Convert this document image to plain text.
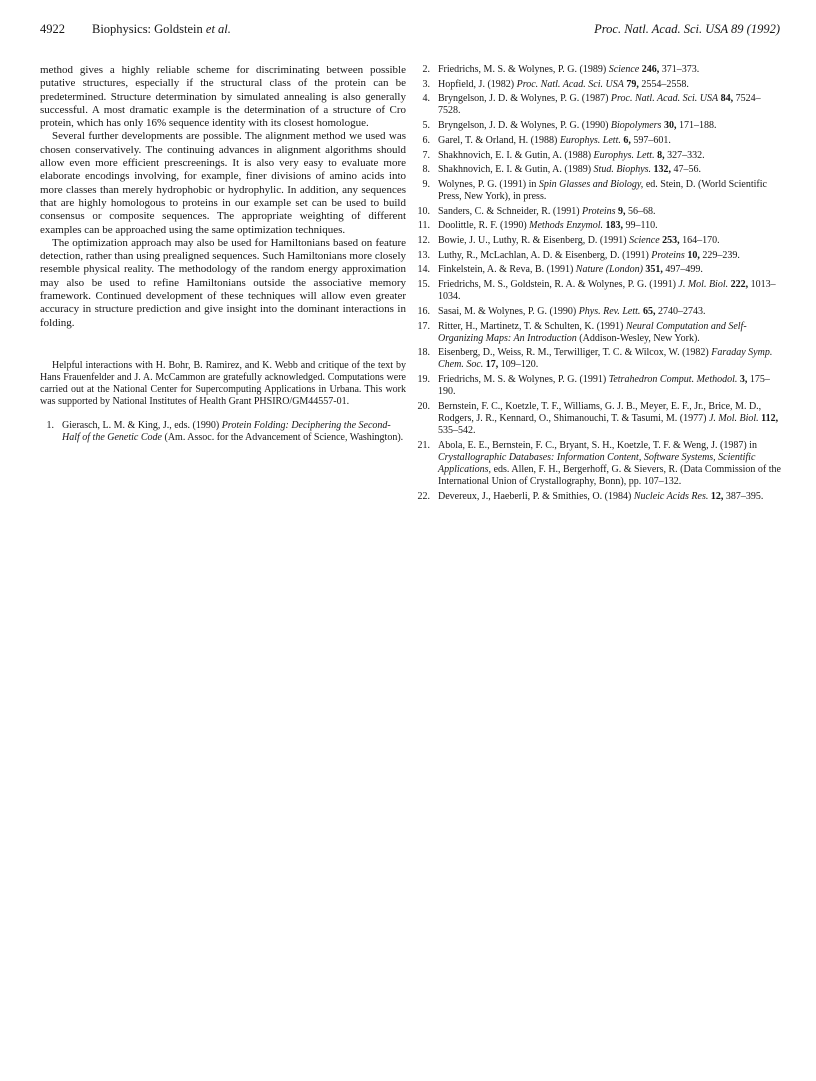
4922 Biophysics: Goldstein et al.	Proc. Natl. Acad. Sci. USA 89 (1992)

method gives a highly reliable scheme for discriminating between possible putative structures, especially if the structural class of the protein can be predetermined. Structure determination by simulated annealing is also generally successful. A most dramatic example is the determination of a structure of Cro protein, which has only 16% sequence identity with its closest homologue.

Several further developments are possible. The alignment method we used was chosen conservatively. The continuing advances in alignment algorithms should allow even more efficient prescreenings. It is also very easy to evaluate more elaborate encodings involving, for example, finer divisions of amino acids into more classes than merely hydrophobic or hydrophylic. In addition, any sequences that are highly homologous to proteins in our example set can be used to build consensus or composite sequences. The appropriate weighting of different examples can be approached using the same optimization techniques.

The optimization approach may also be used for Hamiltonians based on feature detection, rather than using prealigned sequences. Such Hamiltonians more closely resemble physical reality. The methodology of the random energy approximation may also be used to refine Hamiltonians outside the associative memory framework. Continued development of these techniques will allow even greater accuracy in structure prediction and give insight into the dominant interactions in folding.

Helpful interactions with H. Bohr, B. Ramirez, and K. Webb and critique of the text by Hans Frauenfelder and J. A. McCammon are gratefully acknowledged. Computations were carried out at the National Center for Supercomputing Applications in Urbana. This work was supported by National Institutes of Health Grant PHSIRO/GM44557-01.

1. Gierasch, L. M. & King, J., eds. (1990) Protein Folding: Deciphering the Second-Half of the Genetic Code (Am. Assoc. for the Advancement of Science, Washington).
2. Friedrichs, M. S. & Wolynes, P. G. (1989) Science 246, 371–373.
3. Hopfield, J. (1982) Proc. Natl. Acad. Sci. USA 79, 2554–2558.
4. Bryngelson, J. D. & Wolynes, P. G. (1987) Proc. Natl. Acad. Sci. USA 84, 7524–7528.
5. Bryngelson, J. D. & Wolynes, P. G. (1990) Biopolymers 30, 171–188.
6. Garel, T. & Orland, H. (1988) Europhys. Lett. 6, 597–601.
7. Shakhnovich, E. I. & Gutin, A. (1988) Europhys. Lett. 8, 327–332.
8. Shakhnovich, E. I. & Gutin, A. (1989) Stud. Biophys. 132, 47–56.
9. Wolynes, P. G. (1991) in Spin Glasses and Biology, ed. Stein, D. (World Scientific Press, New York), in press.
10. Sanders, C. & Schneider, R. (1991) Proteins 9, 56–68.
11. Doolittle, R. F. (1990) Methods Enzymol. 183, 99–110.
12. Bowie, J. U., Luthy, R. & Eisenberg, D. (1991) Science 253, 164–170.
13. Luthy, R., McLachlan, A. D. & Eisenberg, D. (1991) Proteins 10, 229–239.
14. Finkelstein, A. & Reva, B. (1991) Nature (London) 351, 497–499.
15. Friedrichs, M. S., Goldstein, R. A. & Wolynes, P. G. (1991) J. Mol. Biol. 222, 1013–1034.
16. Sasai, M. & Wolynes, P. G. (1990) Phys. Rev. Lett. 65, 2740–2743.
17. Ritter, H., Martinetz, T. & Schulten, K. (1991) Neural Computation and Self-Organizing Maps: An Introduction (Addison-Wesley, New York).
18. Eisenberg, D., Weiss, R. M., Terwilliger, T. C. & Wilcox, W. (1982) Faraday Symp. Chem. Soc. 17, 109–120.
19. Friedrichs, M. S. & Wolynes, P. G. (1991) Tetrahedron Comput. Methodol. 3, 175–190.
20. Bernstein, F. C., Koetzle, T. F., Williams, G. J. B., Meyer, E. F., Jr., Brice, M. D., Rodgers, J. R., Kennard, O., Shimanouchi, T. & Tasumi, M. (1977) J. Mol. Biol. 112, 535–542.
21. Abola, E. E., Bernstein, F. C., Bryant, S. H., Koetzle, T. F. & Weng, J. (1987) in Crystallographic Databases: Information Content, Software Systems, Scientific Applications, eds. Allen, F. H., Bergerhoff, G. & Sievers, R. (Data Commission of the International Union of Crystallography, Bonn), pp. 107–132.
22. Devereux, J., Haeberli, P. & Smithies, O. (1984) Nucleic Acids Res. 12, 387–395.
